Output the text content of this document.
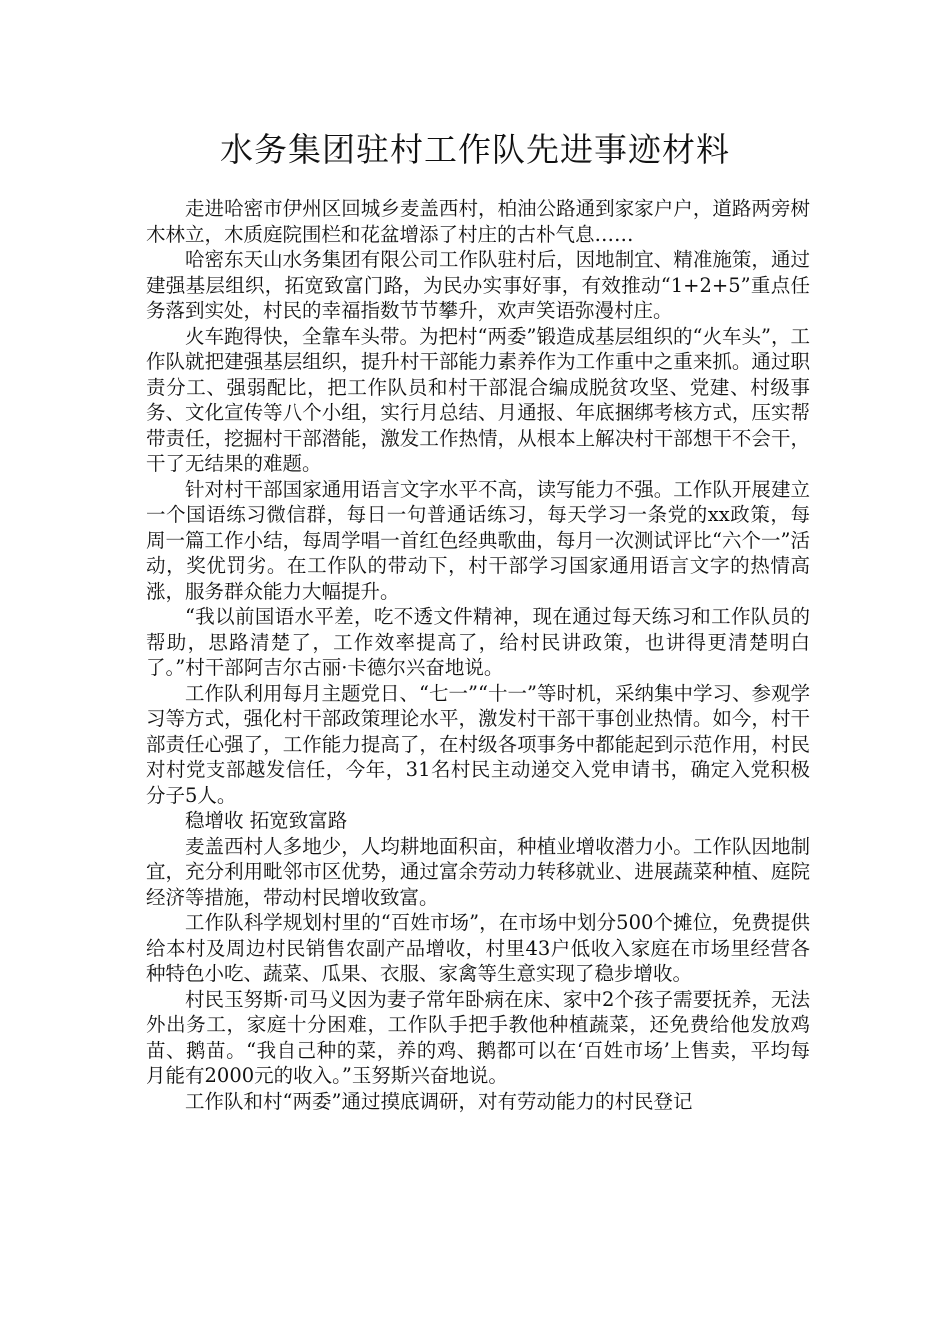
水务集团驻村工作队先进事迹材料

走进哈密市伊州区回城乡麦盖西村，柏油公路通到家家户户，道路两旁树木林立，木质庭院围栏和花盆增添了村庄的古朴气息……

哈密东天山水务集团有限公司工作队驻村后，因地制宜、精准施策，通过建强基层组织，拓宽致富门路，为民办实事好事，有效推动“1+2+5”重点任务落到实处，村民的幸福指数节节攀升，欢声笑语弥漫村庄。

火车跑得快，全靠车头带。为把村“两委”锻造成基层组织的“火车头”，工作队就把建强基层组织，提升村干部能力素养作为工作重中之重来抓。通过职责分工、强弱配比，把工作队员和村干部混合编成脱贫攻坚、党建、村级事务、文化宣传等八个小组，实行月总结、月通报、年底捆绑考核方式，压实帮带责任，挖掘村干部潜能，激发工作热情，从根本上解决村干部想干不会干，干了无结果的难题。

针对村干部国家通用语言文字水平不高，读写能力不强。工作队开展建立一个国语练习微信群，每日一句普通话练习，每天学习一条党的xx政策，每周一篇工作小结，每周学唱一首红色经典歌曲，每月一次测试评比“六个一”活动，奖优罚劣。在工作队的带动下，村干部学习国家通用语言文字的热情高涨，服务群众能力大幅提升。

“我以前国语水平差，吃不透文件精神，现在通过每天练习和工作队员的帮助，思路清楚了，工作效率提高了，给村民讲政策，也讲得更清楚明白了。”村干部阿吉尔古丽·卡德尔兴奋地说。

工作队利用每月主题党日、“七一”“十一”等时机，采纳集中学习、参观学习等方式，强化村干部政策理论水平，激发村干部干事创业热情。如今，村干部责任心强了，工作能力提高了，在村级各项事务中都能起到示范作用，村民对村党支部越发信任，今年，31名村民主动递交入党申请书，确定入党积极分子5人。

稳增收 拓宽致富路

麦盖西村人多地少，人均耕地面积亩，种植业增收潜力小。工作队因地制宜，充分利用毗邻市区优势，通过富余劳动力转移就业、进展蔬菜种植、庭院经济等措施，带动村民增收致富。

工作队科学规划村里的“百姓市场”，在市场中划分500个摊位，免费提供给本村及周边村民销售农副产品增收，村里43户低收入家庭在市场里经营各种特色小吃、蔬菜、瓜果、衣服、家禽等生意实现了稳步增收。

村民玉努斯·司马义因为妻子常年卧病在床、家中2个孩子需要抚养，无法外出务工，家庭十分困难，工作队手把手教他种植蔬菜，还免费给他发放鸡苗、鹅苗。“我自己种的菜，养的鸡、鹅都可以在‘百姓市场’上售卖，平均每月能有2000元的收入。”玉努斯兴奋地说。

工作队和村“两委”通过摸底调研，对有劳动能力的村民登记
